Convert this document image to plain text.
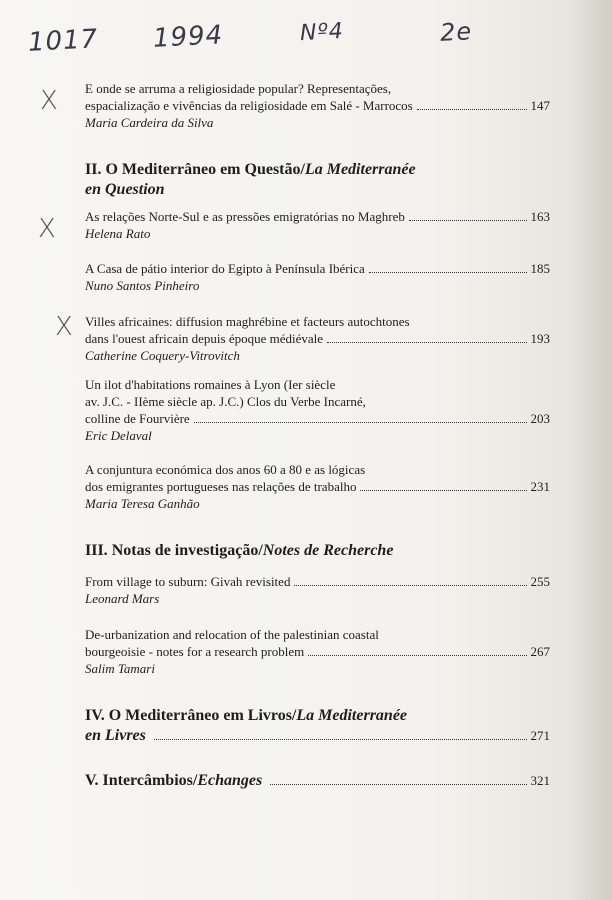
1017 1994	Nº4	2e
E onde se arruma a religiosidade popular? Representações,
espacialização e vivências da religiosidade em Salé - Marrocos	147
Maria Cardeira da Silva
X
II.
O Mediterrâneo em Questão/ La Mediterranée
en Question
As relações Norte-Sul e as pressões emigratórias no Maghreb	163
Helena Rato
X
A Casa de pátio interior do Egipto à Península Ibérica	185
Nuno Santos Pinheiro
Villes africaines: diffusion maghrébine et facteurs autochtones
dans l'ouest africain depuis époque médiévale	193
Catherine Coquery-Vitrovitch
X
Un ilot d'habitations romaines à Lyon (Ier siècle
av. J.C. - IIème siècle ap. J.C.) Clos du Verbe Incarné,
colline de Fourvière	203
Eric Delaval
A conjuntura económica dos anos 60 a 80 e as lógicas
dos emigrantes portugueses nas relações de trabalho	231
Maria Teresa Ganhão
III.
Notas de investigação/ Notes de Recherche
From village to suburn: Givah revisited	255
Leonard Mars
De-urbanization and relocation of the palestinian coastal
bourgeoisie - notes for a research problem	267
Salim Tamari
IV.
O Mediterrâneo em Livros/ La Mediterranée
en Livres	271
V.
Intercâmbios/ Echanges	321
